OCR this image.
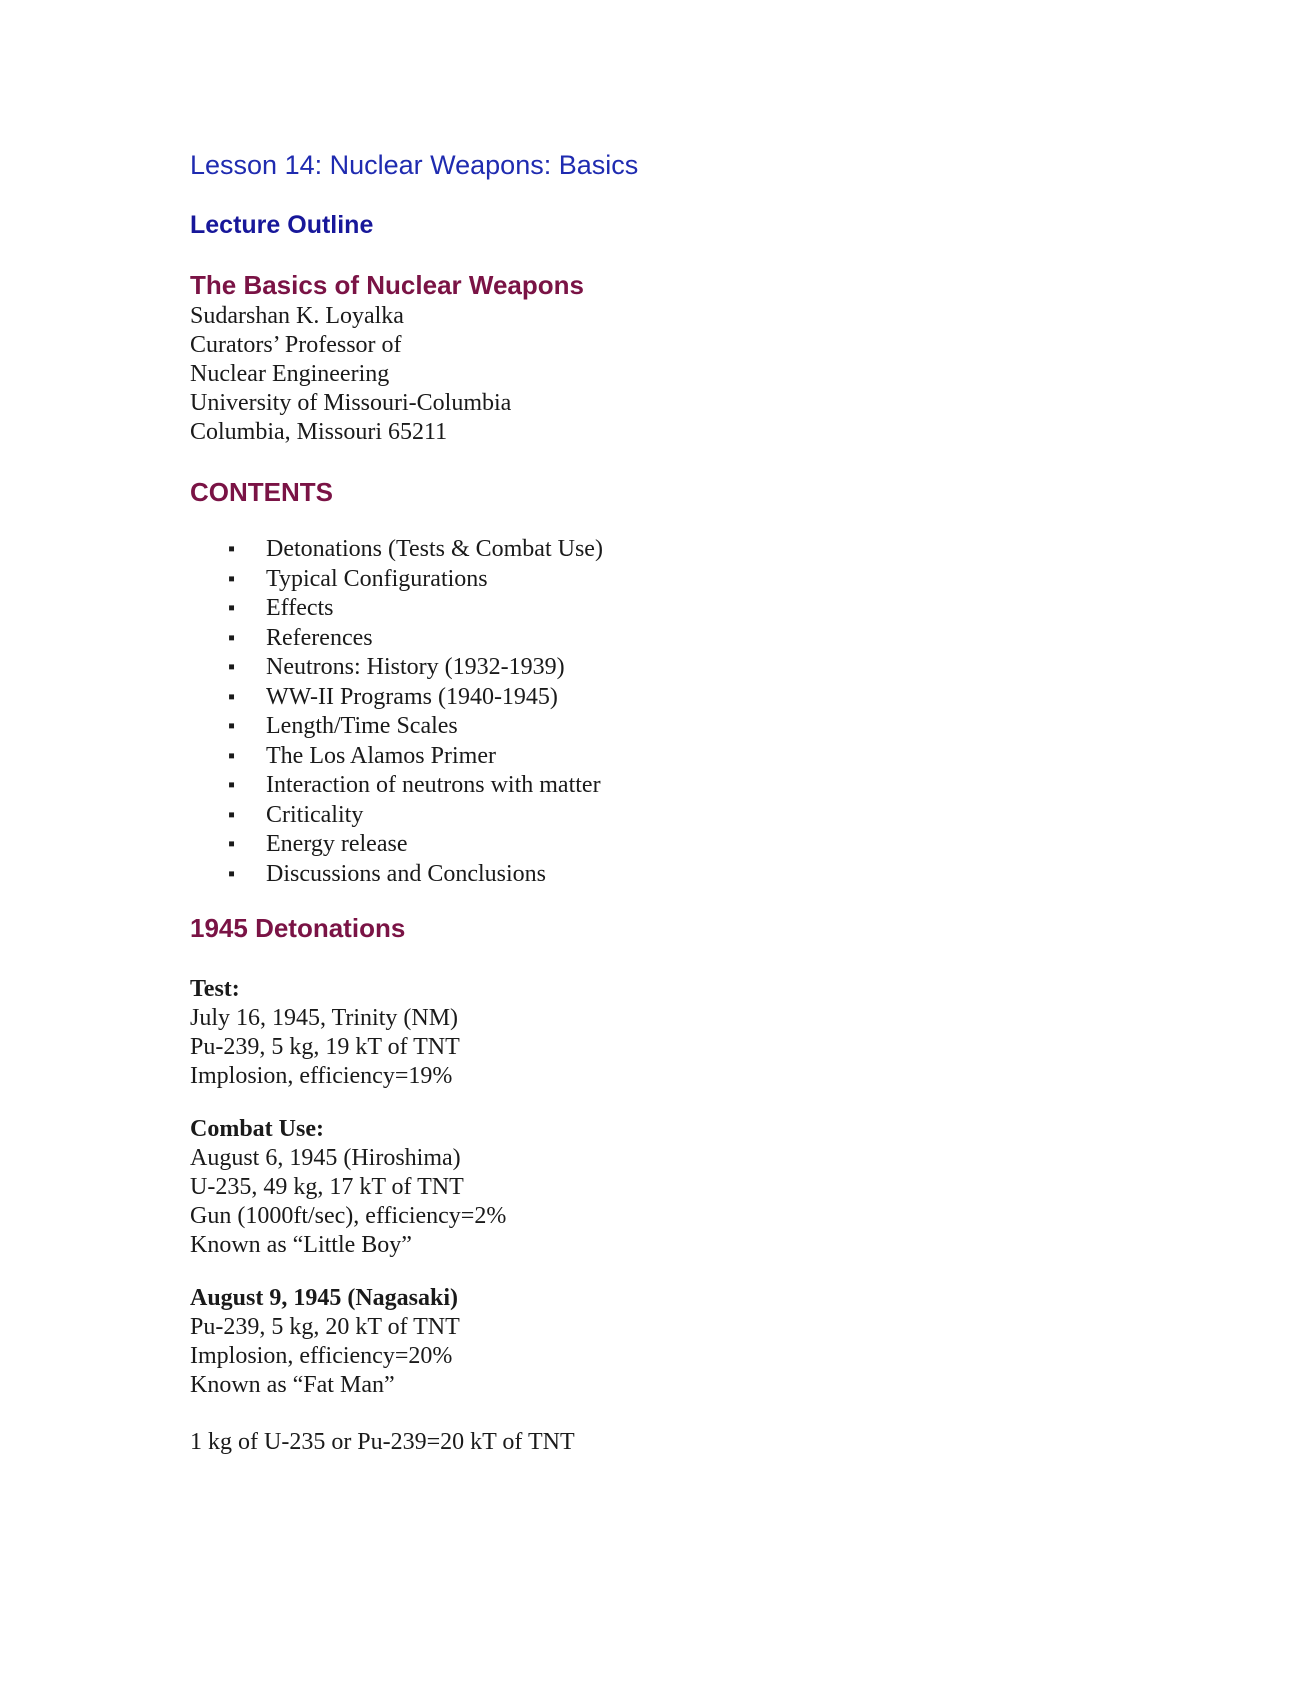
Lesson 14: Nuclear Weapons: Basics
Lecture Outline
The Basics of Nuclear Weapons

Sudarshan K. Loyalka

Curators’ Professor of

Nuclear Engineering

University of Missouri-Columbia

Columbia, Missouri 65211

CONTENTS
▪ Detonations (Tests & Combat Use)
▪ Typical Configurations
▪ Effects
▪ References
▪ Neutrons: History (1932-1939)
▪ WW-II Programs (1940-1945)
▪ Length/Time Scales
▪ The Los Alamos Primer
▪ Interaction of neutrons with matter
▪ Criticality
▪ Energy release
▪ Discussions and Conclusions
1945 Detonations

Test:

July 16, 1945, Trinity (NM)

Pu-239, 5 kg, 19 kT of TNT

Implosion, efficiency=19%

Combat Use:

August 6, 1945 (Hiroshima)

U-235, 49 kg, 17 kT of TNT

Gun (1000ft/sec), efficiency=2%

Known as “Little Boy”

August 9, 1945 (Nagasaki)

Pu-239, 5 kg, 20 kT of TNT

Implosion, efficiency=20%

Known as “Fat Man”

1 kg of U-235 or Pu-239=20 kT of TNT
